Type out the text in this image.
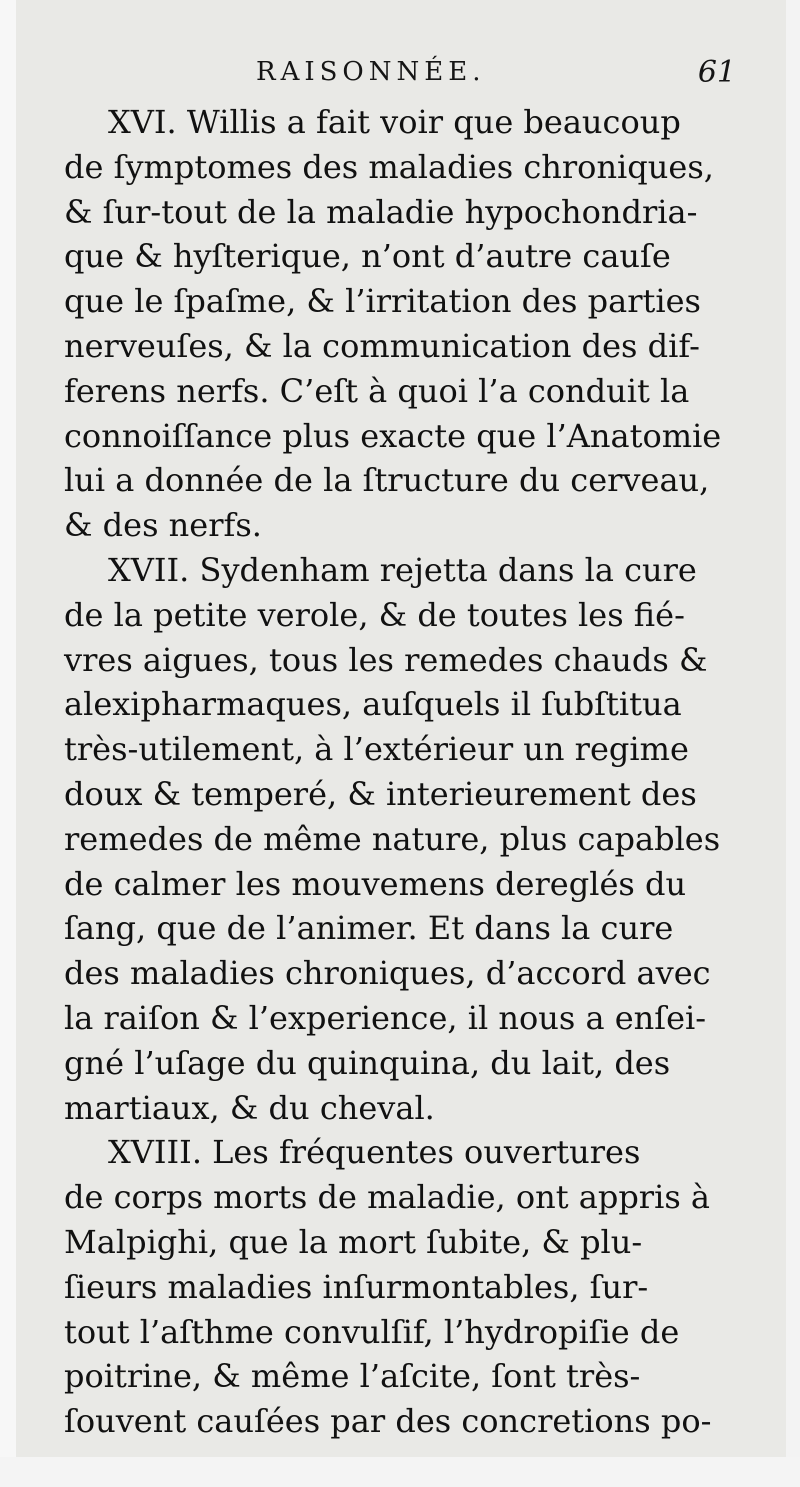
RAISONNÉE.	61
XVI. Willis a fait voir que beaucoup
de ſymptomes des maladies chroniques,
& ſur-tout de la maladie hypochondria-
que & hyſterique, n’ont d’autre cauſe
que le ſpaſme, & l’irritation des parties
nerveuſes, & la communication des dif-
ferens nerfs. C’eſt à quoi l’a conduit la
connoiſſance plus exacte que l’Anatomie
lui a donnée de la ſtructure du cerveau,
& des nerfs.
XVII. Sydenham rejetta dans la cure
de la petite verole, & de toutes les fié-
vres aigues, tous les remedes chauds &
alexipharmaques, auſquels il ſubſtitua
très-utilement, à l’extérieur un regime
doux & temperé, & interieurement des
remedes de même nature, plus capables
de calmer les mouvemens dereglés du
ſang, que de l’animer. Et dans la cure
des maladies chroniques, d’accord avec
la raiſon & l’experience, il nous a enſei-
gné l’uſage du quinquina, du lait, des
martiaux, & du cheval.
XVIII. Les fréquentes ouvertures
de corps morts de maladie, ont appris à
Malpighi, que la mort ſubite, & plu-
ſieurs maladies inſurmontables, ſur-
tout l’aſthme convulſif, l’hydropiſie de
poitrine, & même l’aſcite, ſont très-
ſouvent cauſées par des concretions po-
